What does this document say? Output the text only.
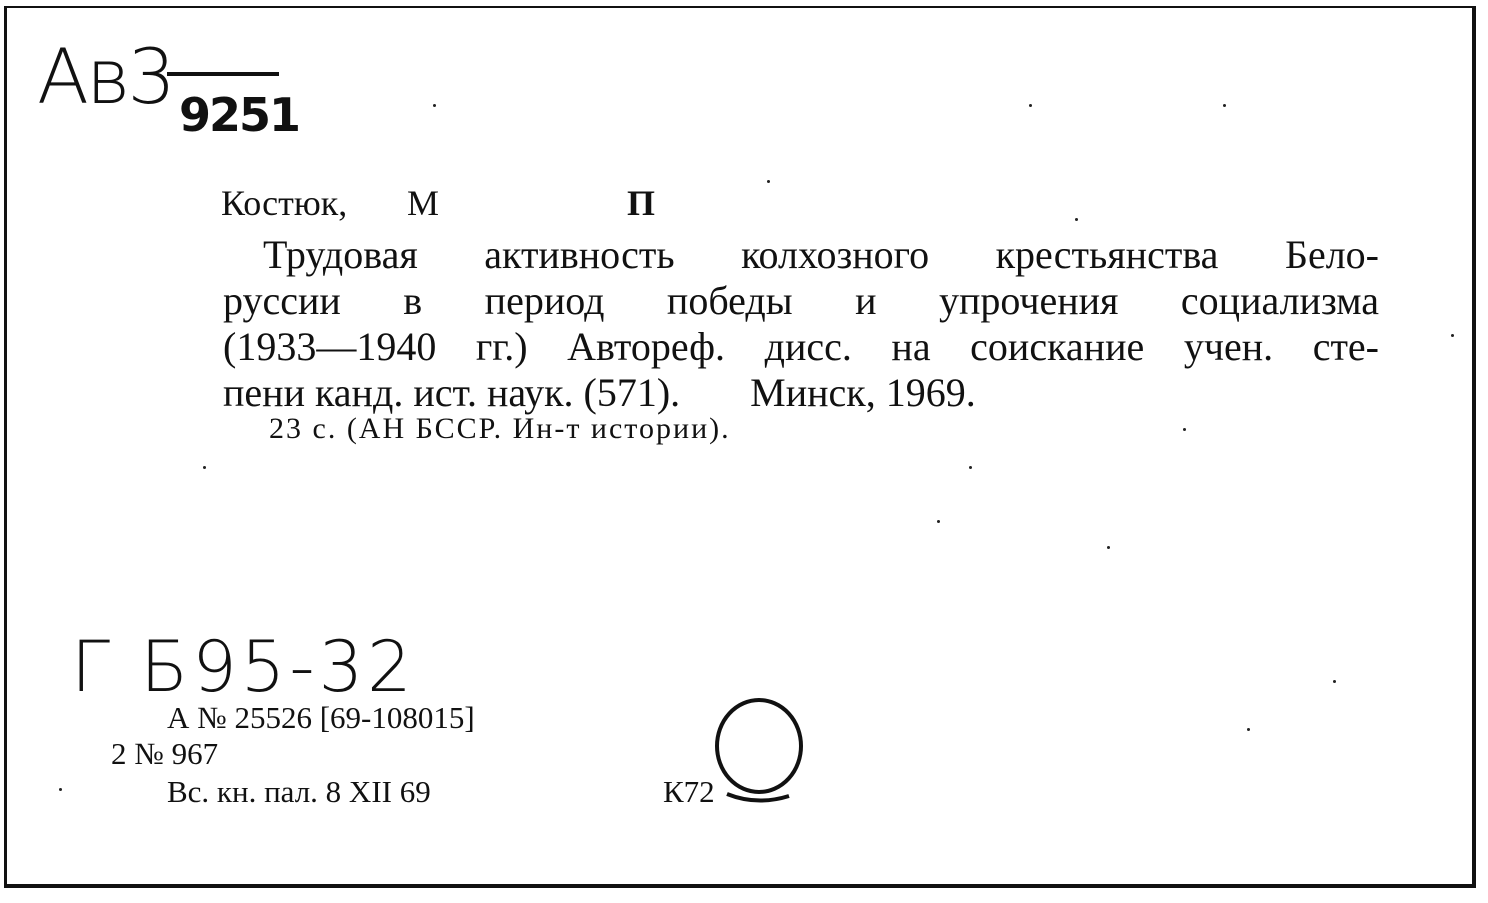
Ав3 9251
Костюк, М	П
Трудовая активность колхозного крестьянства Бело-
руссии в период победы и упрочения социализма
(1933—1940 гг.) Автореф. дисс. на соискание учен. сте-
пени канд. ист. наук. (571). Минск, 1969.
23 с. (АН БССР. Ин-т истории).
Г Б95-32
А № 25526 [69-108015]
2 № 967
Вс. кн. пал. 8 XII 69	К72
